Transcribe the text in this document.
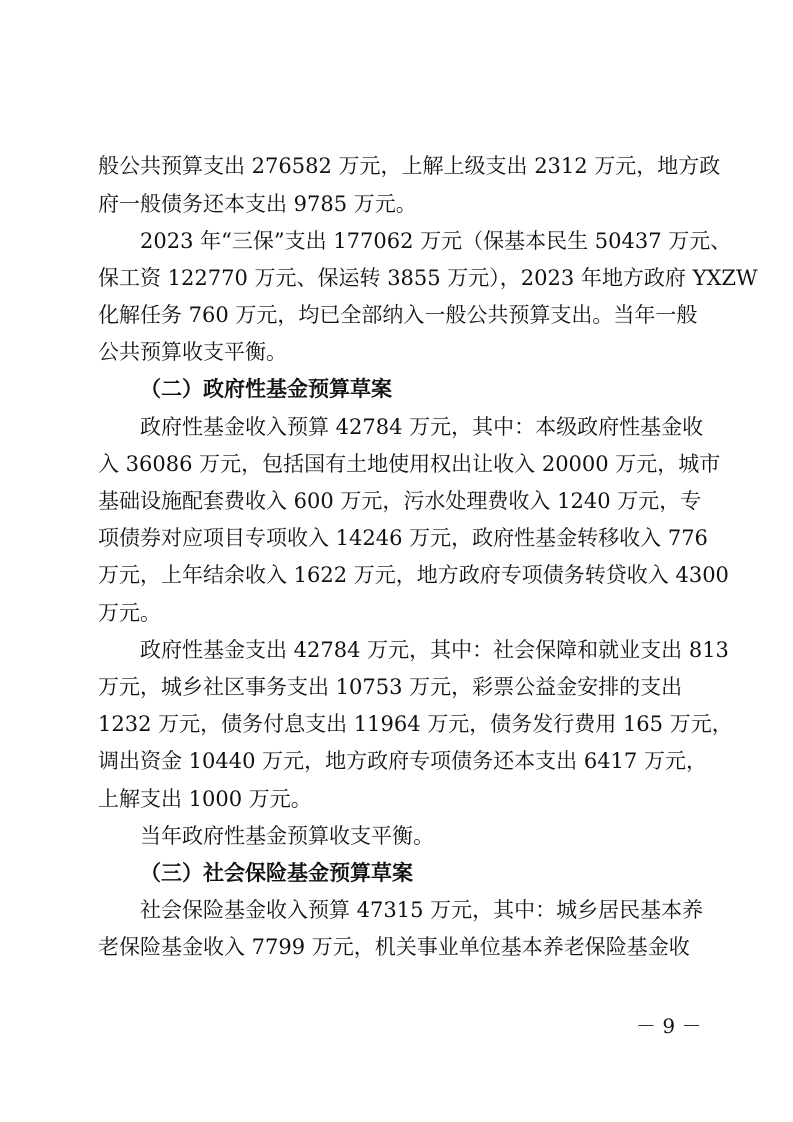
般公共预算支出 276582 万元，上解上级支出 2312 万元，地方政

府一般债务还本支出 9785 万元。

2023 年“三保”支出 177062 万元（保基本民生 50437 万元、

保工资 122770 万元、保运转 3855 万元），2023 年地方政府 YXZW

化解任务 760 万元，均已全部纳入一般公共预算支出。当年一般

公共预算收支平衡。

（二）政府性基金预算草案

政府性基金收入预算 42784 万元，其中：本级政府性基金收

入 36086 万元，包括国有土地使用权出让收入 20000 万元，城市

基础设施配套费收入 600 万元，污水处理费收入 1240 万元，专

项债券对应项目专项收入 14246 万元，政府性基金转移收入 776

万元，上年结余收入 1622 万元，地方政府专项债务转贷收入 4300

万元。

政府性基金支出 42784 万元，其中：社会保障和就业支出 813

万元，城乡社区事务支出 10753 万元，彩票公益金安排的支出

1232 万元，债务付息支出 11964 万元，债务发行费用 165 万元，

调出资金 10440 万元，地方政府专项债务还本支出 6417 万元，

上解支出 1000 万元。

当年政府性基金预算收支平衡。

（三）社会保险基金预算草案

社会保险基金收入预算 47315 万元，其中：城乡居民基本养

老保险基金收入 7799 万元，机关事业单位基本养老保险基金收

－ 9 －
